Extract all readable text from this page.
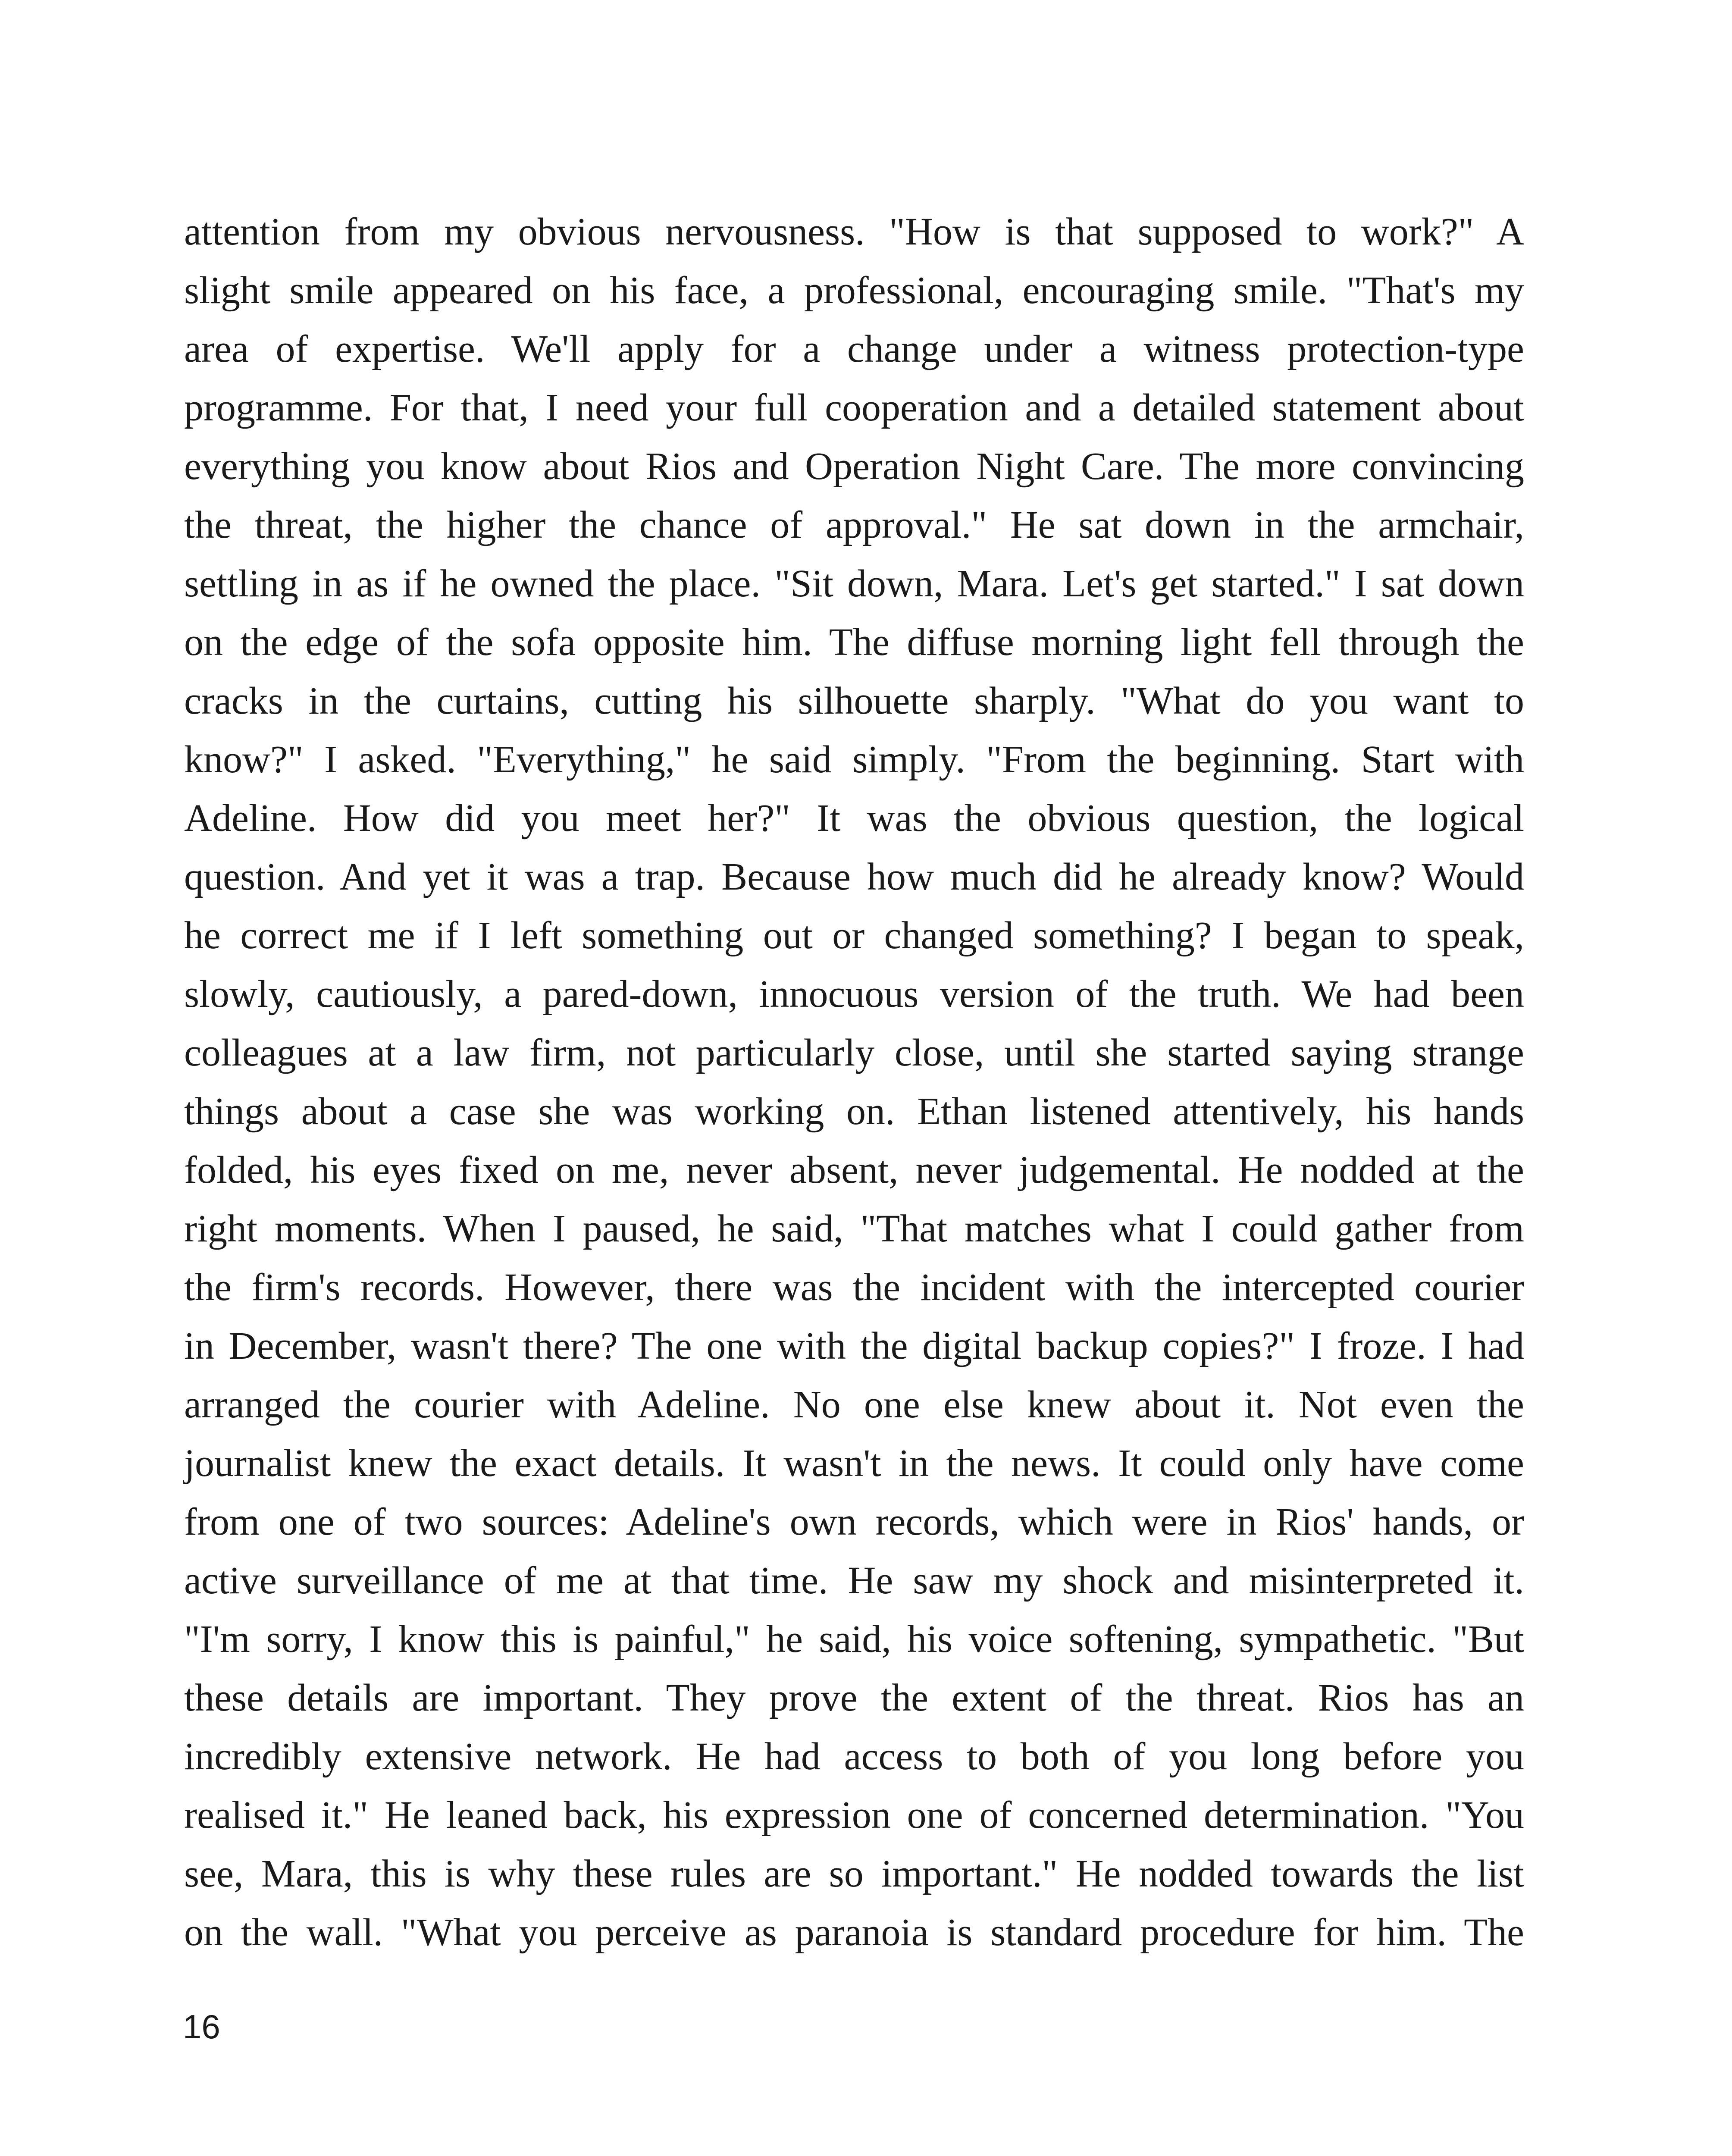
attention from my obvious nervousness. "How is that supposed to work?" A
slight smile appeared on his face, a professional, encouraging smile. "That's my
area of expertise. We'll apply for a change under a witness protection-type
programme. For that, I need your full cooperation and a detailed statement about
everything you know about Rios and Operation Night Care. The more convincing
the threat, the higher the chance of approval." He sat down in the armchair,
settling in as if he owned the place. "Sit down, Mara. Let's get started." I sat down
on the edge of the sofa opposite him. The diffuse morning light fell through the
cracks in the curtains, cutting his silhouette sharply. "What do you want to
know?" I asked. "Everything," he said simply. "From the beginning. Start with
Adeline. How did you meet her?" It was the obvious question, the logical
question. And yet it was a trap. Because how much did he already know? Would
he correct me if I left something out or changed something? I began to speak,
slowly, cautiously, a pared-down, innocuous version of the truth. We had been
colleagues at a law firm, not particularly close, until she started saying strange
things about a case she was working on. Ethan listened attentively, his hands
folded, his eyes fixed on me, never absent, never judgemental. He nodded at the
right moments. When I paused, he said, "That matches what I could gather from
the firm's records. However, there was the incident with the intercepted courier
in December, wasn't there? The one with the digital backup copies?" I froze. I had
arranged the courier with Adeline. No one else knew about it. Not even the
journalist knew the exact details. It wasn't in the news. It could only have come
from one of two sources: Adeline's own records, which were in Rios' hands, or
active surveillance of me at that time. He saw my shock and misinterpreted it.
"I'm sorry, I know this is painful," he said, his voice softening, sympathetic. "But
these details are important. They prove the extent of the threat. Rios has an
incredibly extensive network. He had access to both of you long before you
realised it." He leaned back, his expression one of concerned determination. "You
see, Mara, this is why these rules are so important." He nodded towards the list
on the wall. "What you perceive as paranoia is standard procedure for him. The

16
